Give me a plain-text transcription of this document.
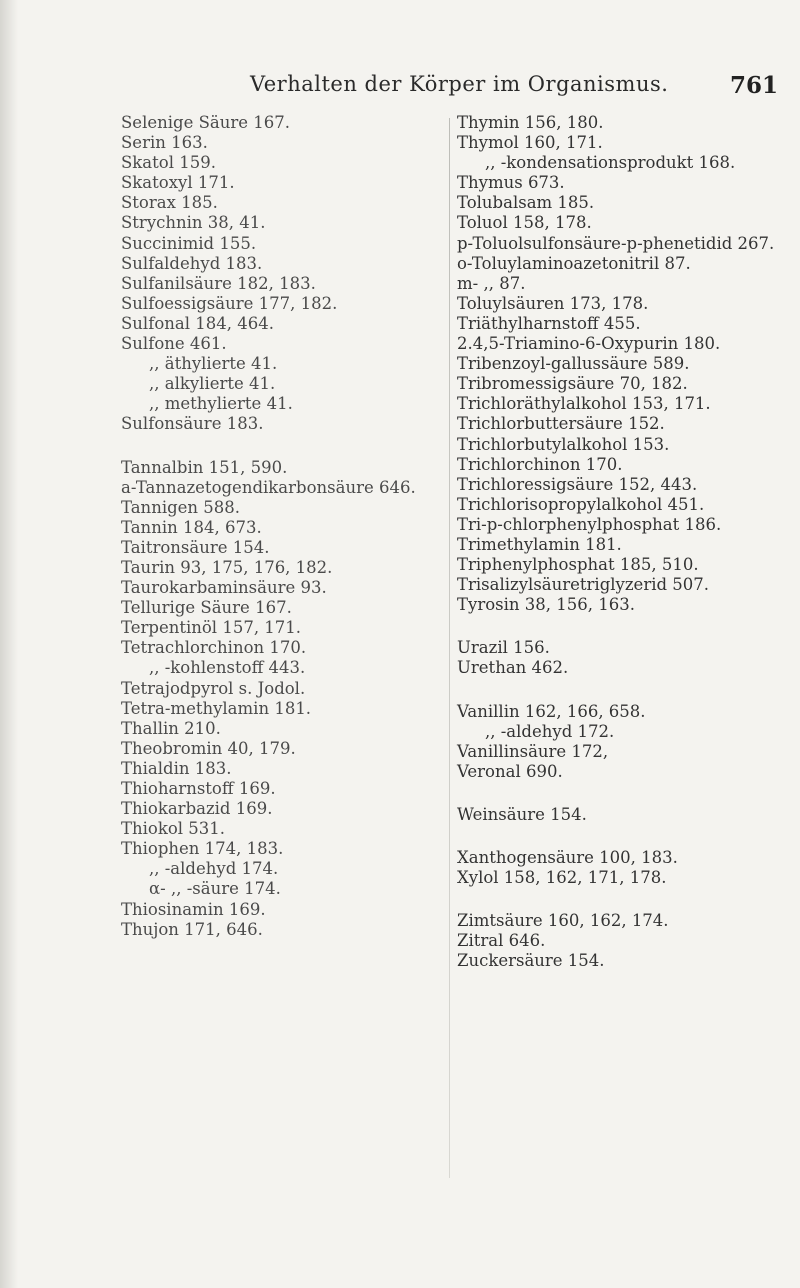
Verhalten der Körper im Organismus.	761
Selenige Säure 167.
Serin 163.
Skatol 159.
Skatoxyl 171.
Storax 185.
Strychnin 38, 41.
Succinimid 155.
Sulfaldehyd 183.
Sulfanilsäure 182, 183.
Sulfoessigsäure 177, 182.
Sulfonal 184, 464.
Sulfone 461.
,, äthylierte 41.
,, alkylierte 41.
,, methylierte 41.
Sulfonsäure 183.
Tannalbin 151, 590.
a-Tannazetogendikarbonsäure 646.
Tannigen 588.
Tannin 184, 673.
Taitronsäure 154.
Taurin 93, 175, 176, 182.
Taurokarbaminsäure 93.
Tellurige Säure 167.
Terpentinöl 157, 171.
Tetrachlorchinon 170.
,, -kohlenstoff 443.
Tetrajodpyrol s. Jodol.
Tetra-methylamin 181.
Thallin 210.
Theobromin 40, 179.
Thialdin 183.
Thioharnstoff 169.
Thiokarbazid 169.
Thiokol 531.
Thiophen 174, 183.
,, -aldehyd 174.
α- ,, -säure 174.
Thiosinamin 169.
Thujon 171, 646.
Thymin 156, 180.
Thymol 160, 171.
,, -kondensationsprodukt 168.
Thymus 673.
Tolubalsam 185.
Toluol 158, 178.
p-Toluolsulfonsäure-p-phenetidid 267.
o-Toluylaminoazetonitril 87.
m- ,, 87.
Toluylsäuren 173, 178.
Triäthylharnstoff 455.
2.4,5-Triamino-6-Oxypurin 180.
Tribenzoyl-gallussäure 589.
Tribromessigsäure 70, 182.
Trichloräthylalkohol 153, 171.
Trichlorbuttersäure 152.
Trichlorbutylalkohol 153.
Trichlorchinon 170.
Trichloressigsäure 152, 443.
Trichlorisopropylalkohol 451.
Tri-p-chlorphenylphosphat 186.
Trimethylamin 181.
Triphenylphosphat 185, 510.
Trisalizylsäuretriglyzerid 507.
Tyrosin 38, 156, 163.
Urazil 156.
Urethan 462.
Vanillin 162, 166, 658.
,, -aldehyd 172.
Vanillinsäure 172,
Veronal 690.
Weinsäure 154.
Xanthogensäure 100, 183.
Xylol 158, 162, 171, 178.
Zimtsäure 160, 162, 174.
Zitral 646.
Zuckersäure 154.
